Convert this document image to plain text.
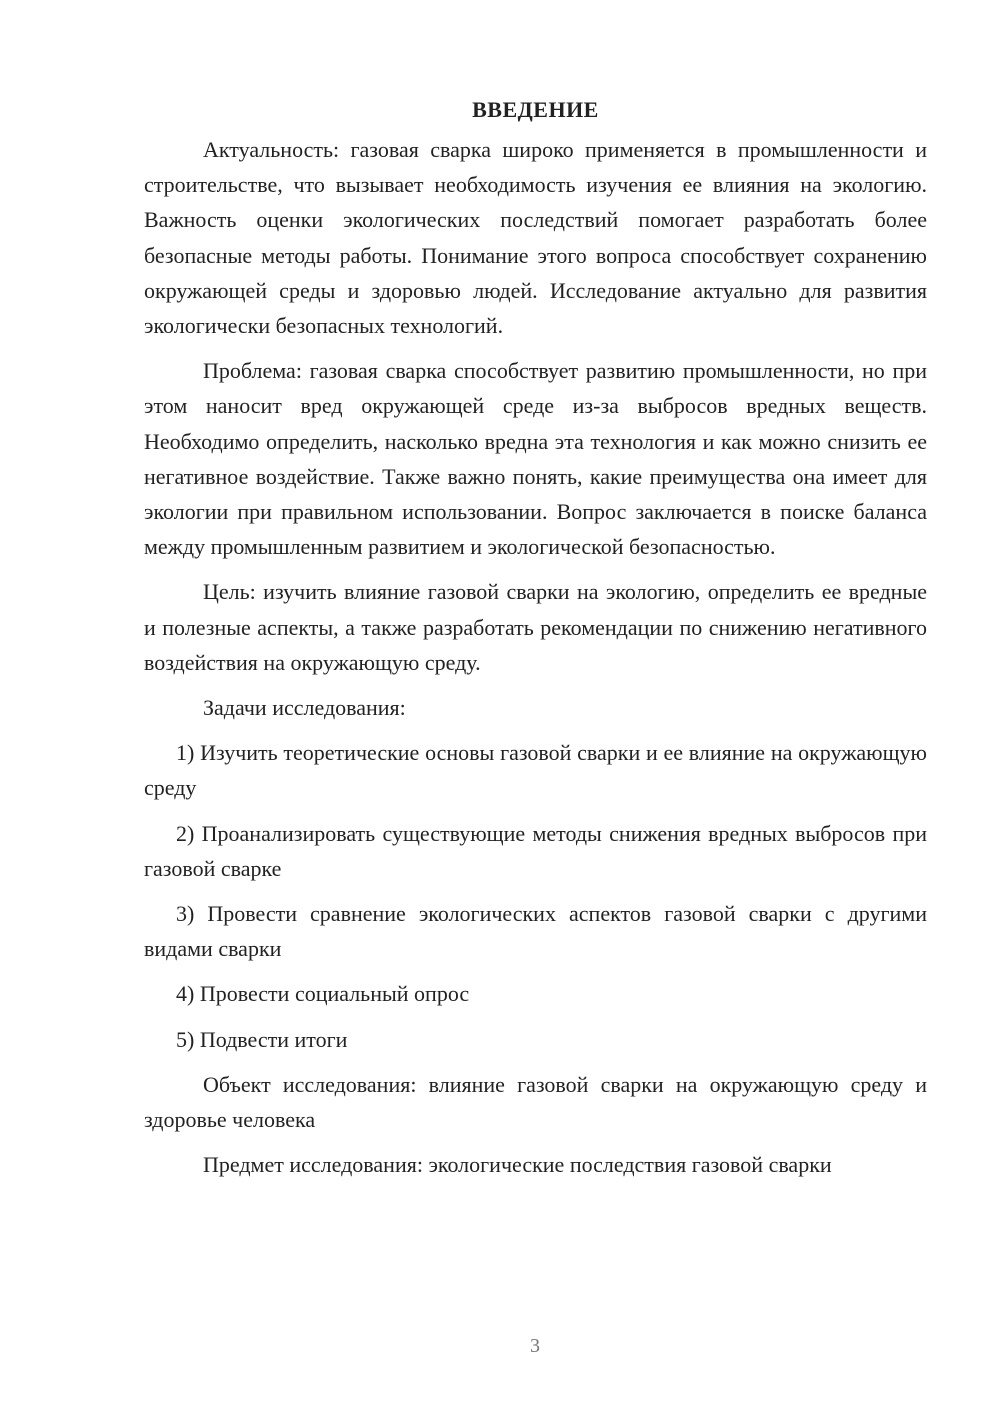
ВВЕДЕНИЕ

Актуальность: газовая сварка широко применяется в промышленности и строительстве, что вызывает необходимость изучения ее влияния на экологию. Важность оценки экологических последствий помогает разработать более безопасные методы работы. Понимание этого вопроса способствует сохранению окружающей среды и здоровью людей. Исследование актуально для развития экологически безопасных технологий.

Проблема: газовая сварка способствует развитию промышленности, но при этом наносит вред окружающей среде из-за выбросов вредных веществ. Необходимо определить, насколько вредна эта технология и как можно снизить ее негативное воздействие. Также важно понять, какие преимущества она имеет для экологии при правильном использовании. Вопрос заключается в поиске баланса между промышленным развитием и экологической безопасностью.

Цель: изучить влияние газовой сварки на экологию, определить ее вредные и полезные аспекты, а также разработать рекомендации по снижению негативного воздействия на окружающую среду.

Задачи исследования:

1) Изучить теоретические основы газовой сварки и ее влияние на окружающую среду

2) Проанализировать существующие методы снижения вредных выбросов при газовой сварке

3) Провести сравнение экологических аспектов газовой сварки с другими видами сварки

4) Провести социальный опрос

5) Подвести итоги

Объект исследования: влияние газовой сварки на окружающую среду и здоровье человека

Предмет исследования: экологические последствия газовой сварки

3
